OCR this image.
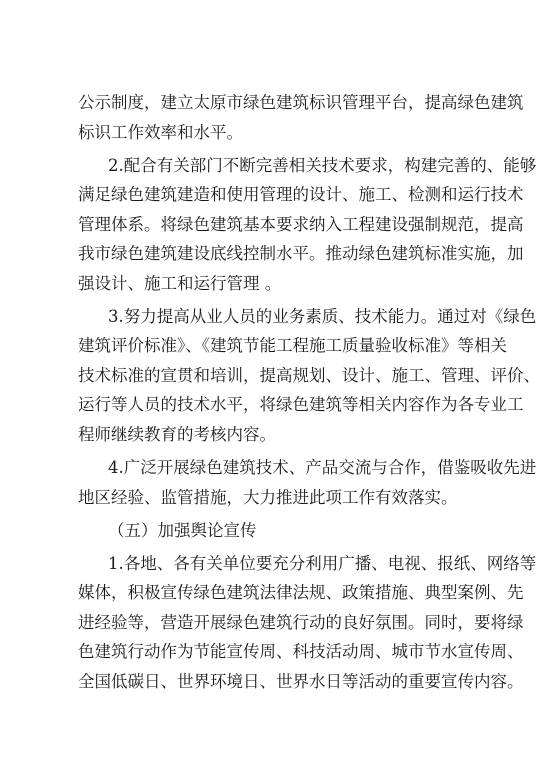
公示制度，建立太原市绿色建筑标识管理平台，提高绿色建筑
标识工作效率和水平。
2.配合有关部门不断完善相关技术要求，构建完善的、能够
满足绿色建筑建造和使用管理的设计、施工、检测和运行技术
管理体系。将绿色建筑基本要求纳入工程建设强制规范，提高
我市绿色建筑建设底线控制水平。推动绿色建筑标准实施，加
强设计、施工和运行管理 。
3.努力提高从业人员的业务素质、技术能力。通过对《绿色
建筑评价标准》、《建筑节能工程施工质量验收标准》等相关
技术标准的宣贯和培训，提高规划、设计、施工、管理、评价、
运行等人员的技术水平，将绿色建筑等相关内容作为各专业工
程师继续教育的考核内容。
4.广泛开展绿色建筑技术、产品交流与合作，借鉴吸收先进
地区经验、监管措施，大力推进此项工作有效落实。
（五）加强舆论宣传
1.各地、各有关单位要充分利用广播、电视、报纸、网络等
媒体，积极宣传绿色建筑法律法规、政策措施、典型案例、先
进经验等，营造开展绿色建筑行动的良好氛围。同时，要将绿
色建筑行动作为节能宣传周、科技活动周、城市节水宣传周、
全国低碳日、世界环境日、世界水日等活动的重要宣传内容。
